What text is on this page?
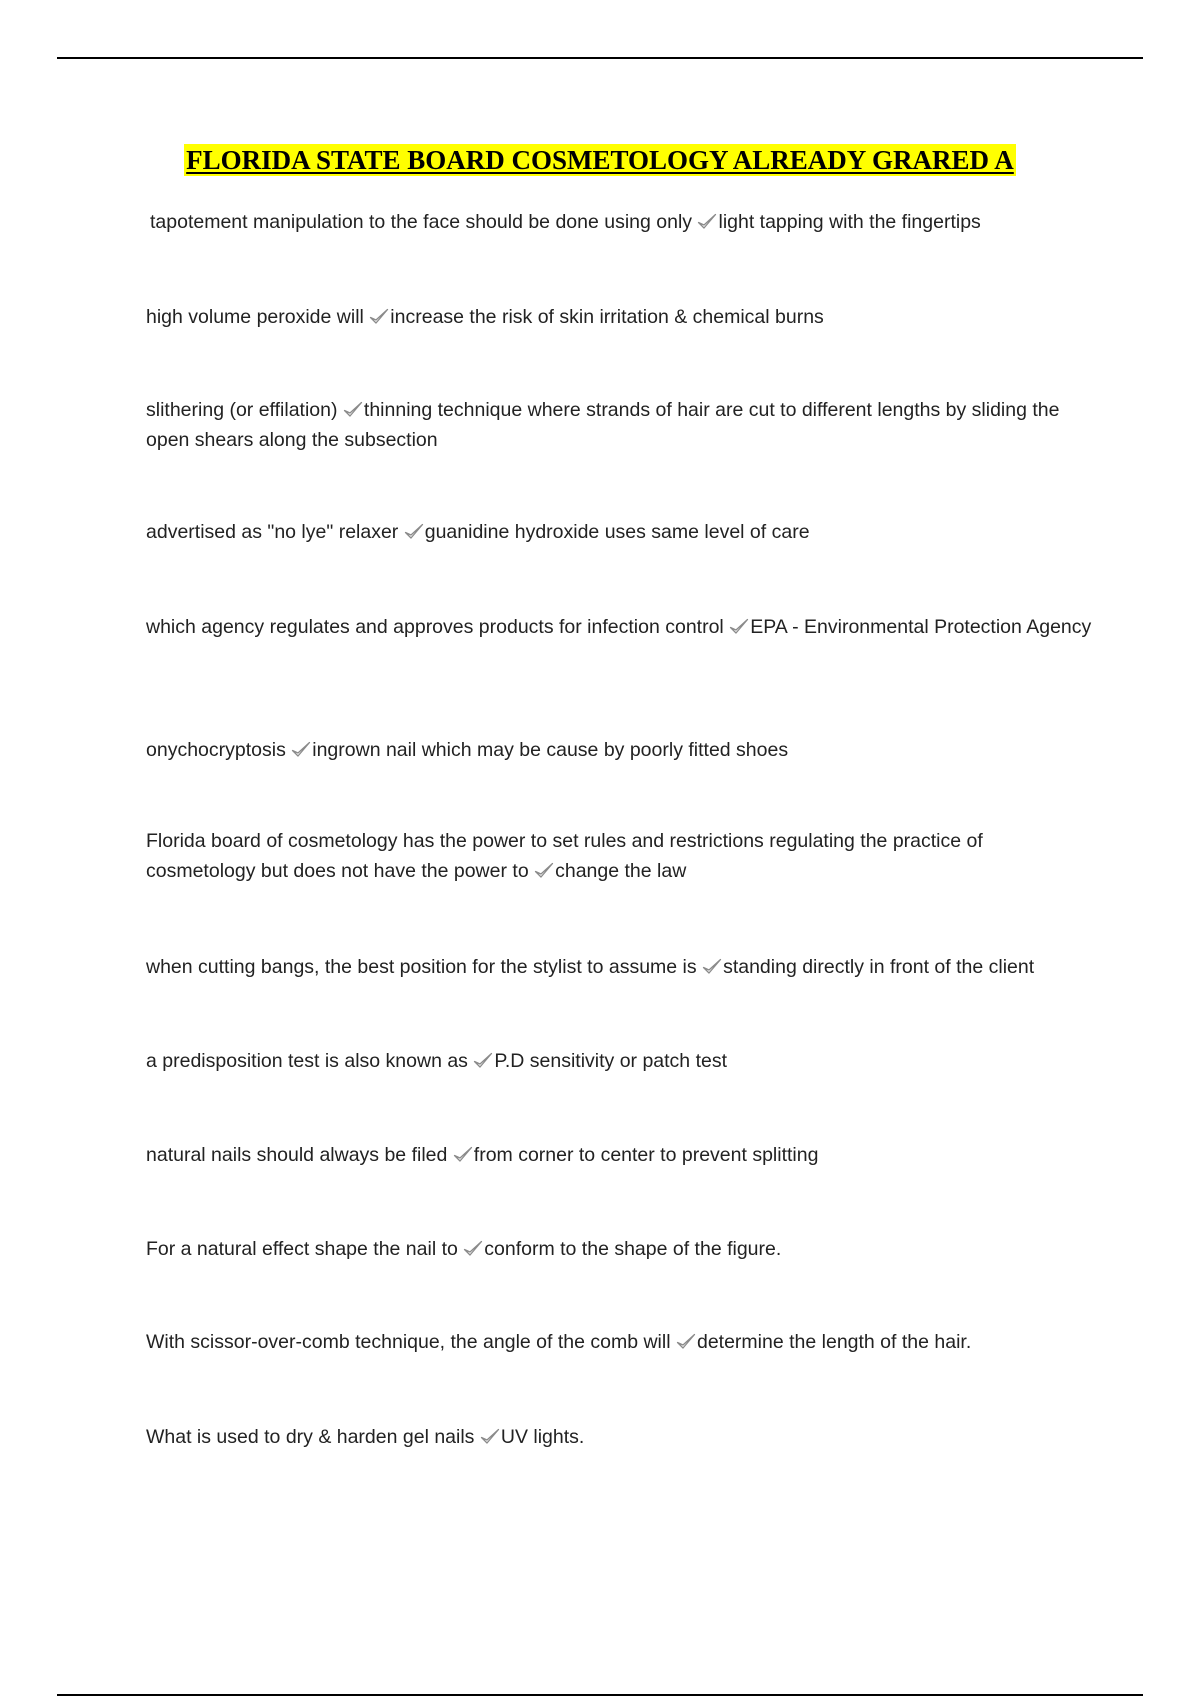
FLORIDA STATE BOARD COSMETOLOGY ALREADY GRARED A
tapotement manipulation to the face should be done using only light tapping with the fingertips
high volume peroxide will increase the risk of skin irritation & chemical burns
slithering (or effilation) thinning technique where strands of hair are cut to different lengths by sliding the open shears along the subsection
advertised as "no lye" relaxer guanidine hydroxide uses same level of care
which agency regulates and approves products for infection control EPA - Environmental Protection Agency
onychocryptosis ingrown nail which may be cause by poorly fitted shoes
Florida board of cosmetology has the power to set rules and restrictions regulating the practice of cosmetology but does not have the power to change the law
when cutting bangs, the best position for the stylist to assume is standing directly in front of the client
a predisposition test is also known as P.D sensitivity or patch test
natural nails should always be filed from corner to center to prevent splitting
For a natural effect shape the nail to conform to the shape of the figure.
With scissor-over-comb technique, the angle of the comb will determine the length of the hair.
What is used to dry & harden gel nails UV lights.
